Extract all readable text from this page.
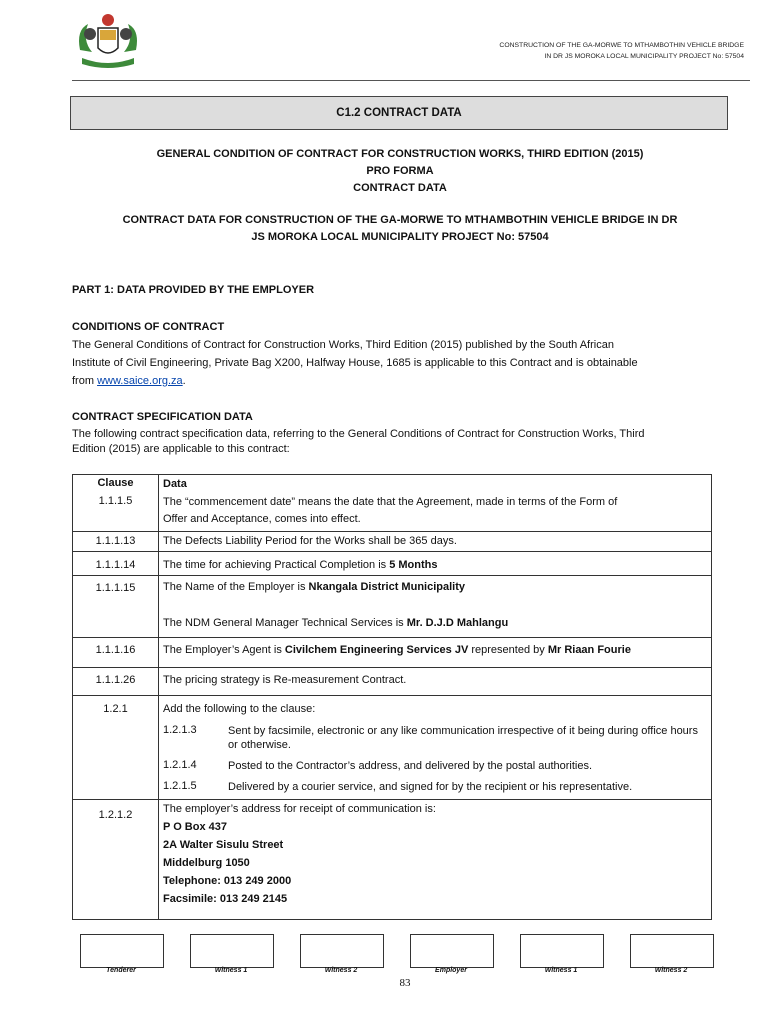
CONSTRUCTION OF THE GA-MORWE TO MTHAMBOTHIN VEHICLE BRIDGE
IN DR JS MOROKA LOCAL MUNICIPALITY PROJECT No: 57504
C1.2 CONTRACT DATA
GENERAL CONDITION OF CONTRACT FOR CONSTRUCTION WORKS, THIRD EDITION (2015)
PRO FORMA
CONTRACT DATA
CONTRACT DATA FOR CONSTRUCTION OF THE GA-MORWE TO MTHAMBOTHIN VEHICLE BRIDGE IN DR
JS MOROKA LOCAL MUNICIPALITY PROJECT No: 57504
PART 1: DATA PROVIDED BY THE EMPLOYER
CONDITIONS OF CONTRACT
The General Conditions of Contract for Construction Works, Third Edition (2015) published by the South African
Institute of Civil Engineering, Private Bag X200, Halfway House, 1685 is applicable to this Contract and is obtainable
from www.saice.org.za.
CONTRACT SPECIFICATION DATA
The following contract specification data, referring to the General Conditions of Contract for Construction Works, Third
Edition (2015) are applicable to this contract:
Clause	Data
1.1.1.5	The “commencement date” means the date that the Agreement, made in terms of the Form of
Offer and Acceptance, comes into effect.
1.1.1.13	The Defects Liability Period for the Works shall be 365 days.
1.1.1.14	The time for achieving Practical Completion is 5 Months
1.1.1.15	The Name of the Employer is Nkangala District Municipality
The NDM General Manager Technical Services is Mr. D.J.D Mahlangu
1.1.1.16	The Employer’s Agent is Civilchem Engineering Services JV represented by Mr Riaan Fourie
1.1.1.26	The pricing strategy is Re-measurement Contract.
1.2.1	Add the following to the clause:
1.2.1.3	Sent by facsimile, electronic or any like communication irrespective of it being during office hours or otherwise.
1.2.1.4	Posted to the Contractor’s address, and delivered by the postal authorities.
1.2.1.5	Delivered by a courier service, and signed for by the recipient or his representative.
1.2.1.2	The employer’s address for receipt of communication is:
P O Box 437
2A Walter Sisulu Street
Middelburg 1050
Telephone: 013 249 2000
Facsimile: 013 249 2145
Tenderer	Witness 1	Witness 2	Employer	Witness 1	Witness 2
83
